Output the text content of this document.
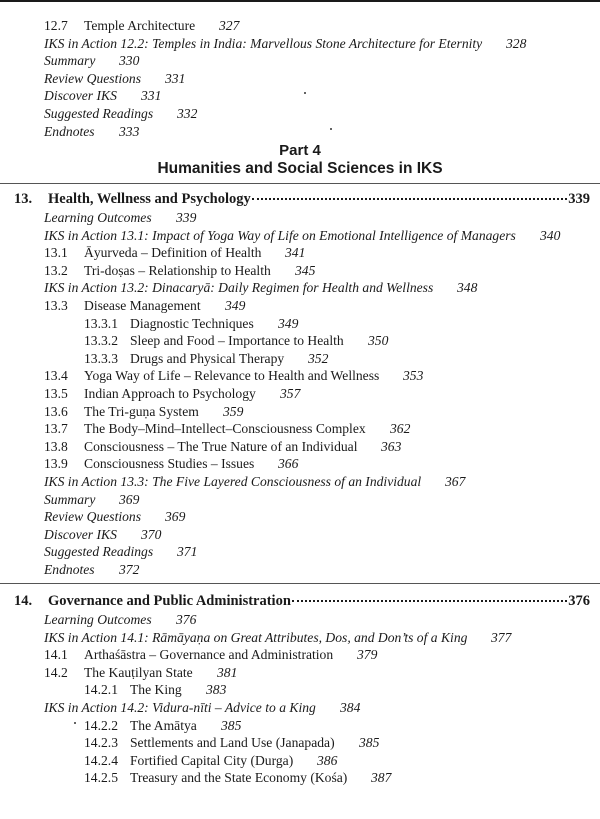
12.7 Temple Architecture 327
IKS in Action 12.2: Temples in India: Marvellous Stone Architecture for Eternity 328
Summary 330
Review Questions 331
Discover IKS 331
Suggested Readings 332
Endnotes 333
Part 4
Humanities and Social Sciences in IKS
13.	Health, Wellness and Psychology	339
Learning Outcomes 339
IKS in Action 13.1: Impact of Yoga Way of Life on Emotional Intelligence of Managers 340
13.1 Āyurveda – Definition of Health 341
13.2 Tri-doṣas – Relationship to Health 345
IKS in Action 13.2: Dinacaryā: Daily Regimen for Health and Wellness 348
13.3 Disease Management 349
13.3.1 Diagnostic Techniques 349
13.3.2 Sleep and Food – Importance to Health 350
13.3.3 Drugs and Physical Therapy 352
13.4 Yoga Way of Life – Relevance to Health and Wellness 353
13.5 Indian Approach to Psychology 357
13.6 The Tri-guṇa System 359
13.7 The Body–Mind–Intellect–Consciousness Complex 362
13.8 Consciousness – The True Nature of an Individual 363
13.9 Consciousness Studies – Issues 366
IKS in Action 13.3: The Five Layered Consciousness of an Individual 367
Summary 369
Review Questions 369
Discover IKS 370
Suggested Readings 371
Endnotes 372
14.	Governance and Public Administration	376
Learning Outcomes 376
IKS in Action 14.1: Rāmāyaṇa on Great Attributes, Dos, and Don’ts of a King 377
14.1 Arthaśāstra – Governance and Administration 379
14.2 The Kauṭilyan State 381
14.2.1 The King 383
IKS in Action 14.2: Vidura-nīti – Advice to a King 384
14.2.2 The Amātya 385
14.2.3 Settlements and Land Use (Janapada) 385
14.2.4 Fortified Capital City (Durga) 386
14.2.5 Treasury and the State Economy (Kośa) 387
